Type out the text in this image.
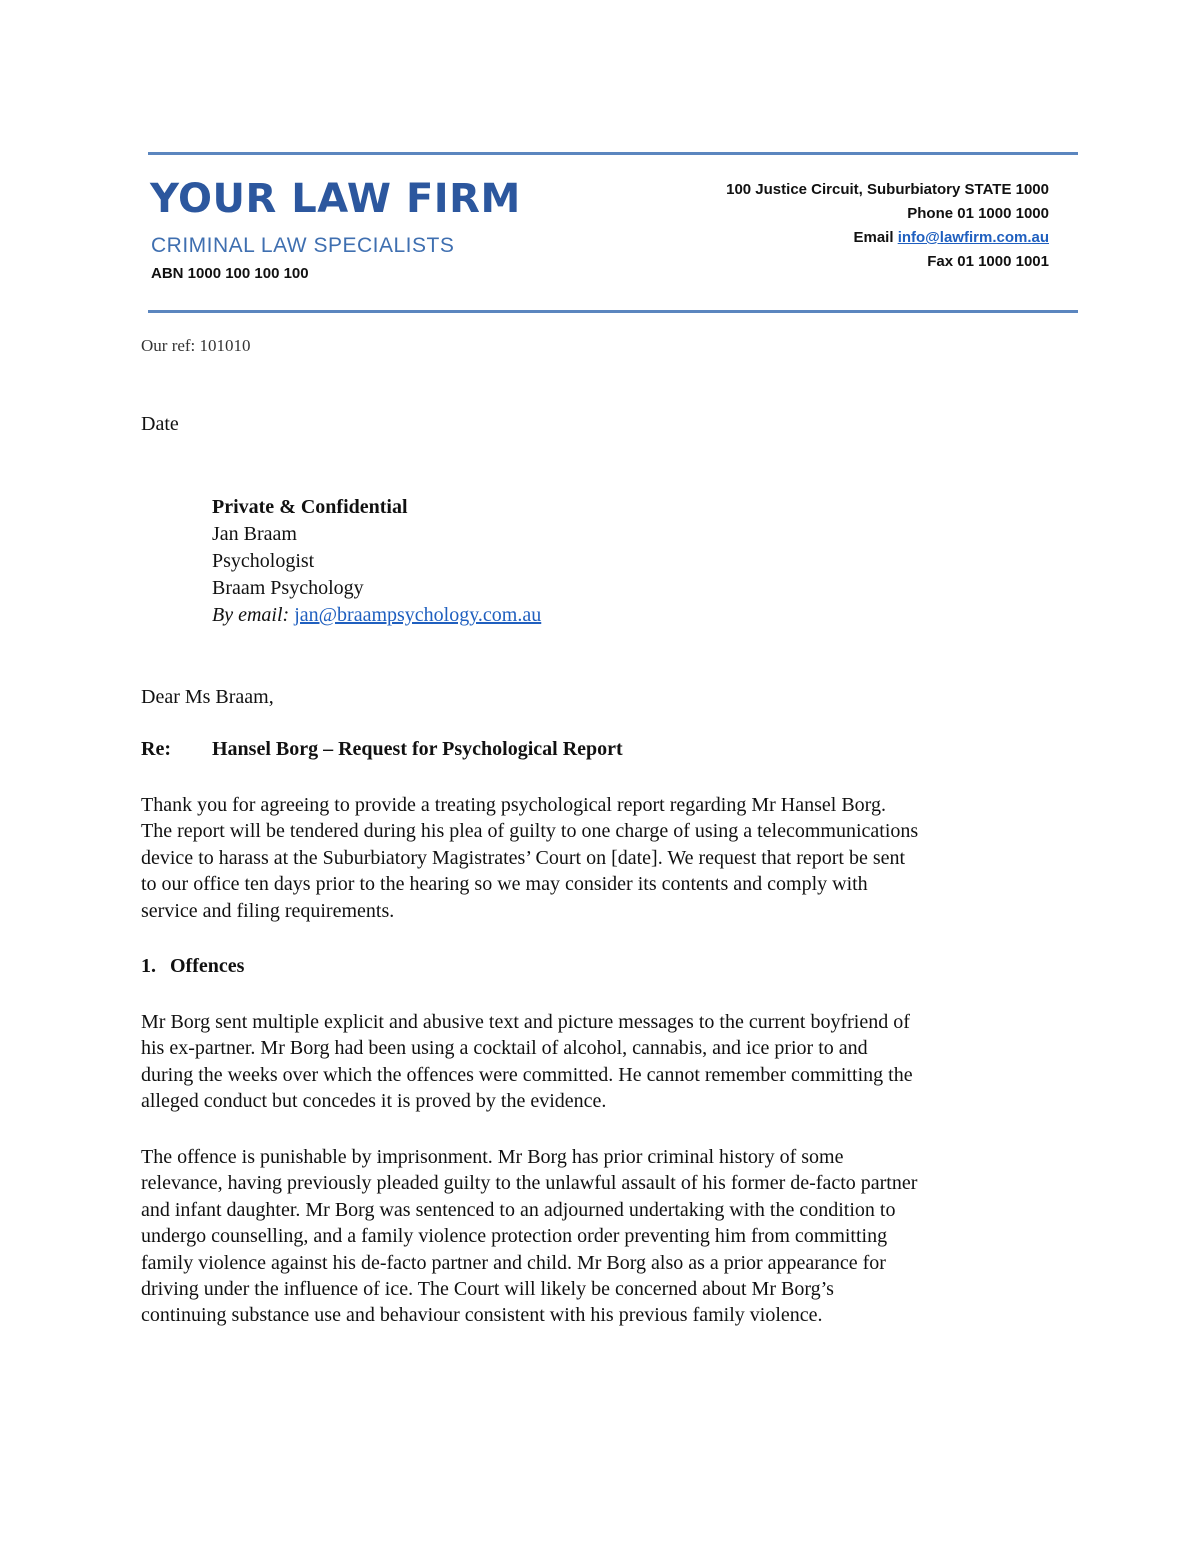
YOUR LAW FIRM
CRIMINAL LAW SPECIALISTS
ABN 1000 100 100 100
100 Justice Circuit, Suburbiatory STATE 1000
Phone 01 1000 1000
Email info@lawfirm.com.au
Fax 01 1000 1001
Our ref: 101010
Date
Private & Confidential
Jan Braam
Psychologist
Braam Psychology
By email: jan@braampsychology.com.au
Dear Ms Braam,
Re: Hansel Borg – Request for Psychological Report
Thank you for agreeing to provide a treating psychological report regarding Mr Hansel Borg.
The report will be tendered during his plea of guilty to one charge of using a telecommunications
device to harass at the Suburbiatory Magistrates’ Court on [date]. We request that report be sent
to our office ten days prior to the hearing so we may consider its contents and comply with
service and filing requirements.
1. Offences
Mr Borg sent multiple explicit and abusive text and picture messages to the current boyfriend of
his ex-partner. Mr Borg had been using a cocktail of alcohol, cannabis, and ice prior to and
during the weeks over which the offences were committed. He cannot remember committing the
alleged conduct but concedes it is proved by the evidence.
The offence is punishable by imprisonment. Mr Borg has prior criminal history of some
relevance, having previously pleaded guilty to the unlawful assault of his former de-facto partner
and infant daughter. Mr Borg was sentenced to an adjourned undertaking with the condition to
undergo counselling, and a family violence protection order preventing him from committing
family violence against his de-facto partner and child. Mr Borg also as a prior appearance for
driving under the influence of ice. The Court will likely be concerned about Mr Borg’s
continuing substance use and behaviour consistent with his previous family violence.
